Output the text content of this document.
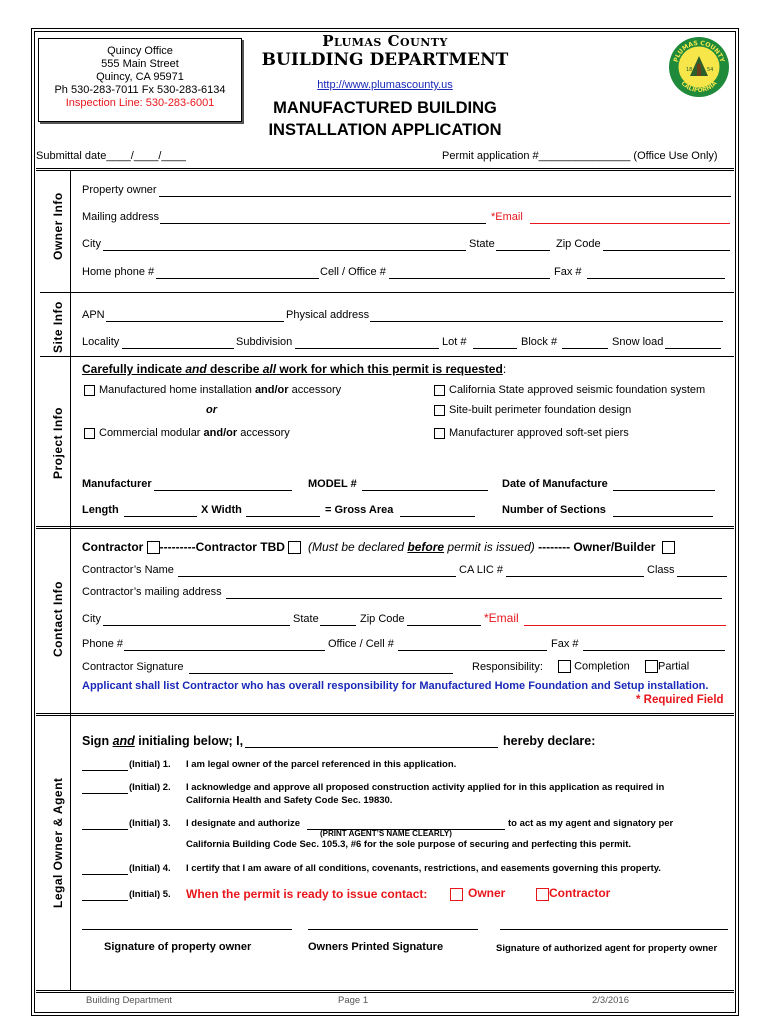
Quincy Office
555 Main Street
Quincy, CA 95971
Ph 530-283-7011 Fx 530-283-6134
Inspection Line: 530-283-6001
Plumas County
BUILDING DEPARTMENT
http://www.plumascounty.us
MANUFACTURED BUILDING
INSTALLATION APPLICATION
PLUMAS COUNTY
CALIFORNIA
18	54
Submittal date____/____/____	Permit application #_______________ (Office Use Only)
Owner Info
Site Info
Project Info
Contact Info
Legal Owner & Agent
Property owner
Mailing address	*Email
City	State	Zip Code
Home phone #	Cell / Office #	Fax #
APN	Physical address
Locality	Subdivision	Lot #	Block #	Snow load
Carefully indicate and describe all work for which this permit is requested:
Manufactured home installation and/or accessory
or
Commercial modular and/or accessory
California State approved seismic foundation system
Site-built perimeter foundation design
Manufacturer approved soft-set piers
Manufacturer	MODEL #	Date of Manufacture
Length	X Width	= Gross Area	Number of Sections
Contractor ---------Contractor TBD   (Must be declared before permit is issued) -------- Owner/Builder
Contractor’s Name	CA LIC #	Class
Contractor’s mailing address
City	State	Zip Code	*Email
Phone #	Office / Cell #	Fax #
Contractor Signature	Responsibility:	Completion	Partial
Applicant shall list Contractor who has overall responsibility for Manufactured Home Foundation and Setup installation.
* Required Field
Sign and initialing below; I,	hereby declare:
(Initial) 1. I am legal owner of the parcel referenced in this application.
(Initial) 2. I acknowledge and approve all proposed construction activity applied for in this application as required in
California Health and Safety Code Sec. 19830.
(Initial) 3. I designate and authorize	to act as my agent and signatory per
(PRINT AGENT’S NAME CLEARLY)
California Building Code Sec. 105.3, #6 for the sole purpose of securing and perfecting this permit.
(Initial) 4. I certify that I am aware of all conditions, covenants, restrictions, and easements governing this property.
(Initial) 5. When the permit is ready to issue contact:	Owner	Contractor
Signature of property owner	Owners Printed Signature	Signature of authorized agent for property owner
Building Department	Page 1	2/3/2016
